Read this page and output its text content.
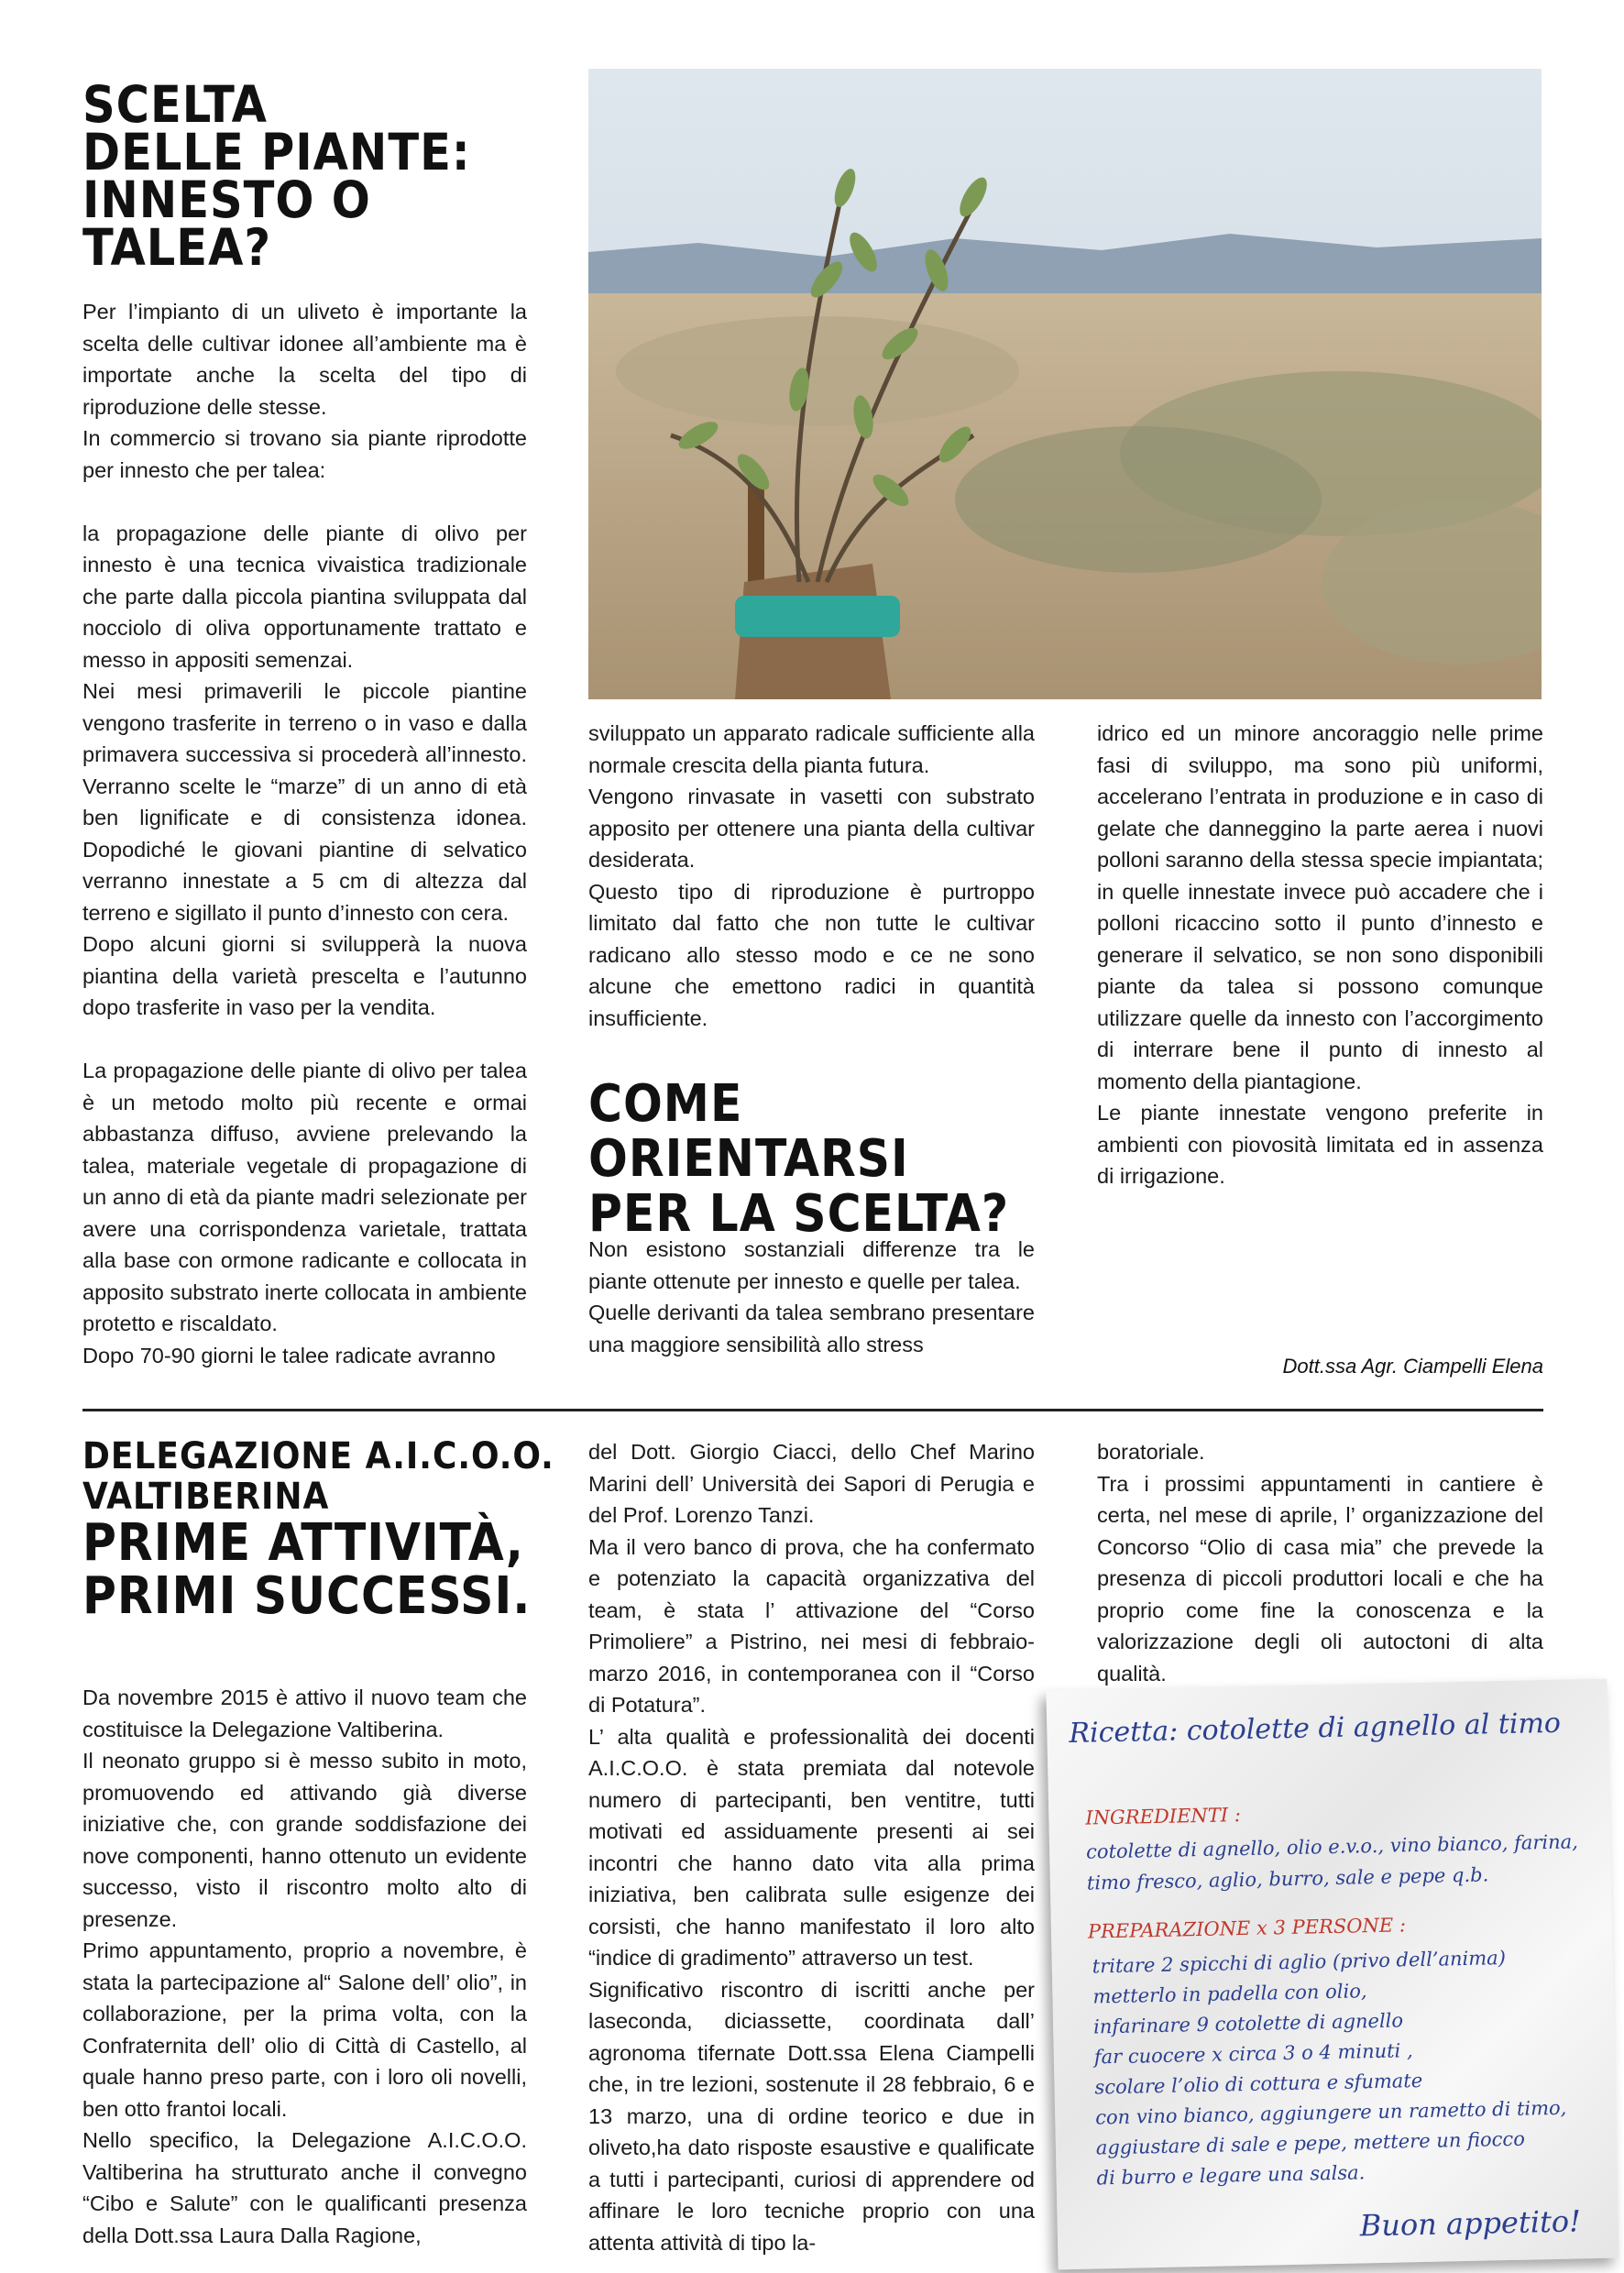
SCELTA
DELLE PIANTE:
INNESTO O TALEA?

Per l’impianto di un uliveto è importante la scelta delle cultivar idonee all’ambiente ma è importate anche la scelta del tipo di riproduzione delle stesse.

In commercio si trovano sia piante riprodotte per innesto che per talea:

la propagazione delle piante di olivo per innesto è una tecnica vivaistica tradizionale che parte dalla piccola piantina sviluppata dal nocciolo di oliva opportunamente trattato e messo in appositi semenzai.

Nei mesi primaverili le piccole piantine vengono trasferite in terreno o in vaso e dalla primavera successiva si procederà all’innesto. Verranno scelte le “marze” di un anno di età ben lignificate e di consistenza idonea. Dopodiché le giovani piantine di selvatico verranno innestate a 5 cm di altezza dal terreno e sigillato il punto d’innesto con cera.

Dopo alcuni giorni si svilupperà la nuova piantina della varietà prescelta e l’autunno dopo trasferite in vaso per la vendita.

La propagazione delle piante di olivo per talea è un metodo molto più recente e ormai abbastanza diffuso, avviene prelevando la talea, materiale vegetale di propagazione di un anno di età da piante madri selezionate per avere una corrispondenza varietale, trattata alla base con ormone radicante e collocata in apposito substrato inerte collocata in ambiente protetto e riscaldato.

Dopo 70-90 giorni le talee radicate avranno

sviluppato un apparato radicale sufficiente alla normale crescita della pianta futura.

Vengono rinvasate in vasetti con substrato apposito per ottenere una pianta della cultivar desiderata.

Questo tipo di riproduzione è purtroppo limitato dal fatto che non tutte le cultivar radicano allo stesso modo e ce ne sono alcune che emettono radici in quantità insufficiente.

COME ORIENTARSI
PER LA SCELTA?

Non esistono sostanziali differenze tra le piante ottenute per innesto e quelle per talea.

Quelle derivanti da talea sembrano presentare una maggiore sensibilità allo stress

idrico ed un minore ancoraggio nelle prime fasi di sviluppo, ma sono più uniformi, accelerano l’entrata in produzione e in caso di gelate che danneggino la parte aerea i nuovi polloni saranno della stessa specie impiantata; in quelle innestate invece può accadere che i polloni ricaccino sotto il punto d’innesto e generare il selvatico, se non sono disponibili piante da talea si possono comunque utilizzare quelle da innesto con l’accorgimento di interrare bene il punto di innesto al momento della piantagione.

Le piante innestate vengono preferite in ambienti con piovosità limitata ed in assenza di irrigazione.

Dott.ssa Agr. Ciampelli Elena
DELEGAZIONE A.I.C.O.O.
VALTIBERINA
PRIME ATTIVITÀ,
PRIMI SUCCESSI.

Da novembre 2015 è attivo il nuovo team che costituisce la Delegazione Valtiberina.

Il neonato gruppo si è messo subito in moto, promuovendo ed attivando già diverse iniziative che, con grande soddisfazione dei nove componenti, hanno ottenuto un evidente successo, visto il riscontro molto alto di presenze.

Primo appuntamento, proprio a novembre, è stata la partecipazione al“ Salone dell’ olio”, in collaborazione, per la prima volta, con la Confraternita dell’ olio di Città di Castello, al quale hanno preso parte, con i loro oli novelli, ben otto frantoi locali.

Nello specifico, la Delegazione A.I.C.O.O. Valtiberina ha strutturato anche il convegno “Cibo e Salute” con le qualificanti presenza della Dott.ssa Laura Dalla Ragione,

del Dott. Giorgio Ciacci, dello Chef Marino Marini dell’ Università dei Sapori di Perugia e del Prof. Lorenzo Tanzi.

Ma il vero banco di prova, che ha confermato e potenziato la capacità organizzativa del team, è stata l’ attivazione del “Corso Primoliere” a Pistrino, nei mesi di febbraio-marzo 2016, in contemporanea con il “Corso di Potatura”.

L’ alta qualità e professionalità dei docenti A.I.C.O.O. è stata premiata dal notevole numero di partecipanti, ben ventitre, tutti motivati ed assiduamente presenti ai sei incontri che hanno dato vita alla prima iniziativa, ben calibrata sulle esigenze dei corsisti, che hanno manifestato il loro alto “indice di gradimento” attraverso un test.

Significativo riscontro di iscritti anche per laseconda, diciassette, coordinata dall’ agronoma tifernate Dott.ssa Elena Ciampelli che, in tre lezioni, sostenute il 28 febbraio, 6 e 13 marzo, una di ordine teorico e due in oliveto,ha dato risposte esaustive e qualificate a tutti i partecipanti, curiosi di apprendere od affinare le loro tecniche proprio con una attenta attività di tipo la-

boratoriale.

Tra i prossimi appuntamenti in cantiere è certa, nel mese di aprile, l’ organizzazione del Concorso “Olio di casa mia” che prevede la presenza di piccoli produttori locali e che ha proprio come fine la conoscenza e la valorizzazione degli oli autoctoni di alta qualità.

Ricetta: cotolette di agnello al timo
INGREDIENTI :
cotolette di agnello, olio e.v.o., vino bianco, farina,
timo fresco, aglio, burro, sale e pepe q.b.
PREPARAZIONE x 3 PERSONE :
tritare 2 spicchi di aglio (privo dell’anima)
metterlo in padella con olio,
infarinare 9 cotolette di agnello
far cuocere x circa 3 o 4 minuti ,
scolare l’olio di cottura e sfumate
con vino bianco, aggiungere un rametto di timo,
aggiustare di sale e pepe, mettere un fiocco
di burro e legare una salsa.
Buon appetito!
